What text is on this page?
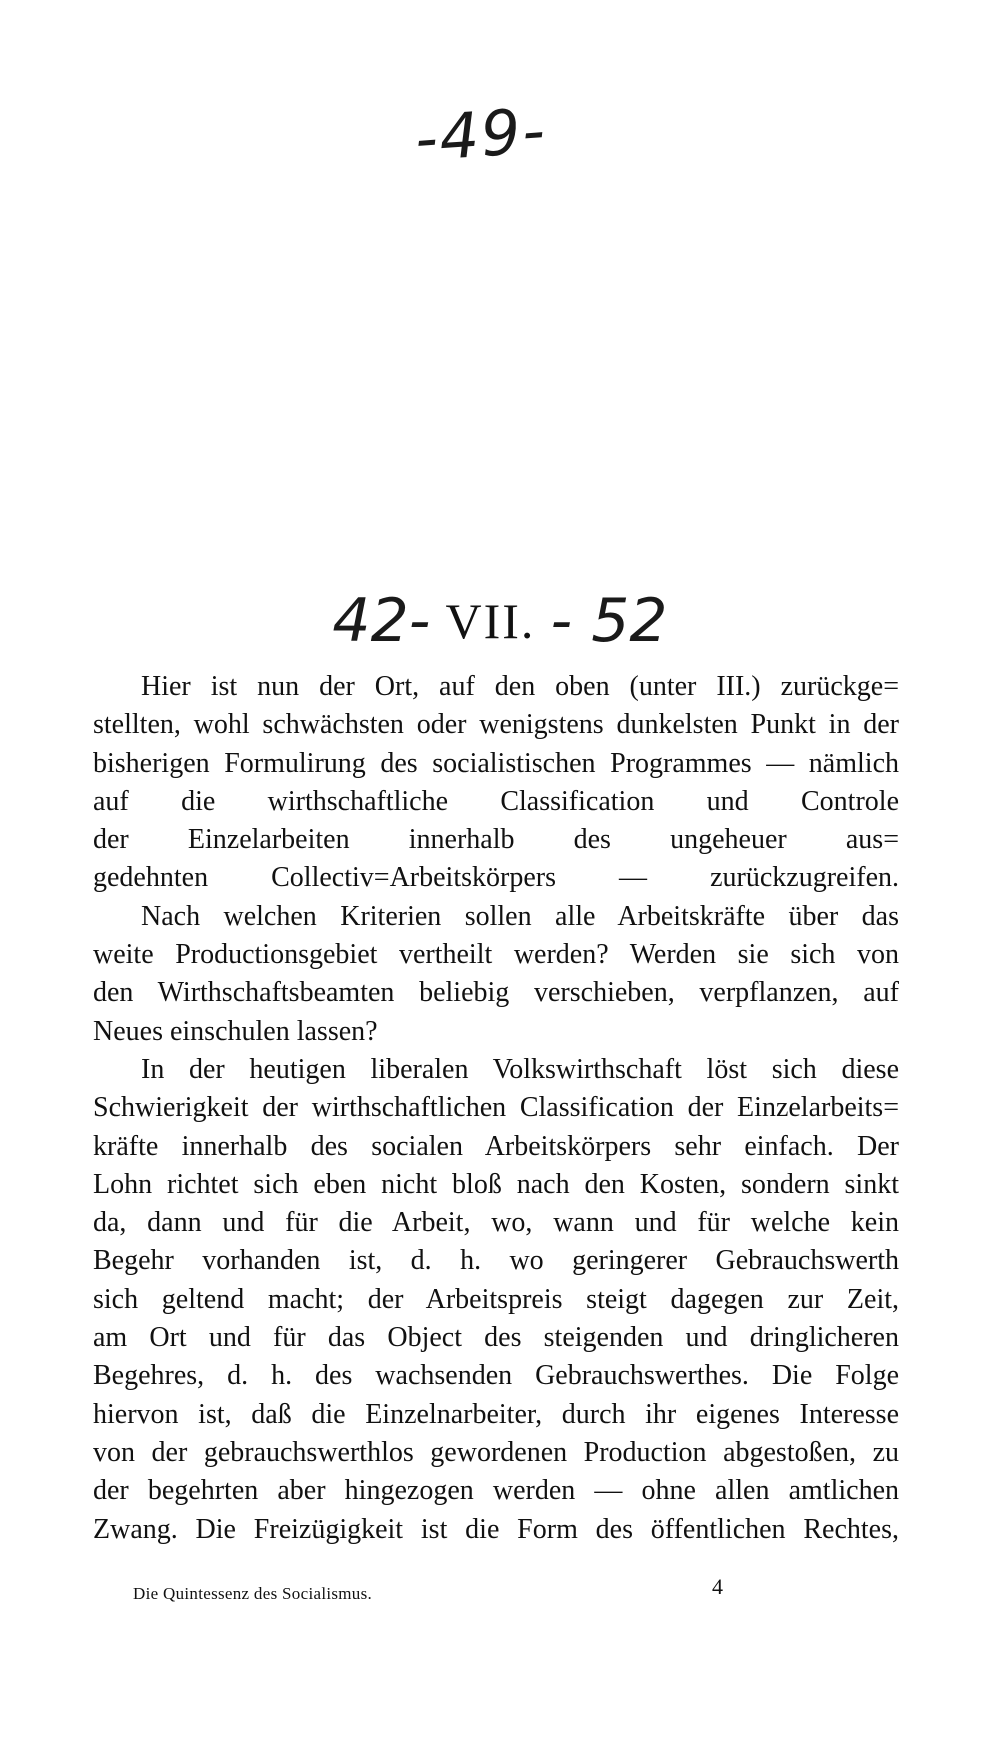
-49-
42- VII. - 52
Hier ist nun der Ort, auf den oben (unter III.) zurückge=
stellten, wohl schwächsten oder wenigstens dunkelsten Punkt in der
bisherigen Formulirung des socialistischen Programmes — nämlich
auf die wirthschaftliche Classification und Controle
der Einzelarbeiten innerhalb des ungeheuer aus=
gedehnten Collectiv=Arbeitskörpers — zurückzugreifen.
Nach welchen Kriterien sollen alle Arbeitskräfte über das
weite Productionsgebiet vertheilt werden? Werden sie sich von
den Wirthschaftsbeamten beliebig verschieben, verpflanzen, auf
Neues einschulen lassen?
In der heutigen liberalen Volkswirthschaft löst sich diese
Schwierigkeit der wirthschaftlichen Classification der Einzelarbeits=
kräfte innerhalb des socialen Arbeitskörpers sehr einfach. Der
Lohn richtet sich eben nicht bloß nach den Kosten, sondern sinkt
da, dann und für die Arbeit, wo, wann und für welche kein
Begehr vorhanden ist, d. h. wo geringerer Gebrauchswerth
sich geltend macht; der Arbeitspreis steigt dagegen zur Zeit,
am Ort und für das Object des steigenden und dringlicheren
Begehres, d. h. des wachsenden Gebrauchswerthes. Die Folge
hiervon ist, daß die Einzelnarbeiter, durch ihr eigenes Interesse
von der gebrauchswerthlos gewordenen Production abgestoßen, zu
der begehrten aber hingezogen werden — ohne allen amtlichen
Zwang. Die Freizügigkeit ist die Form des öffentlichen Rechtes,
Die Quintessenz des Socialismus.	4
